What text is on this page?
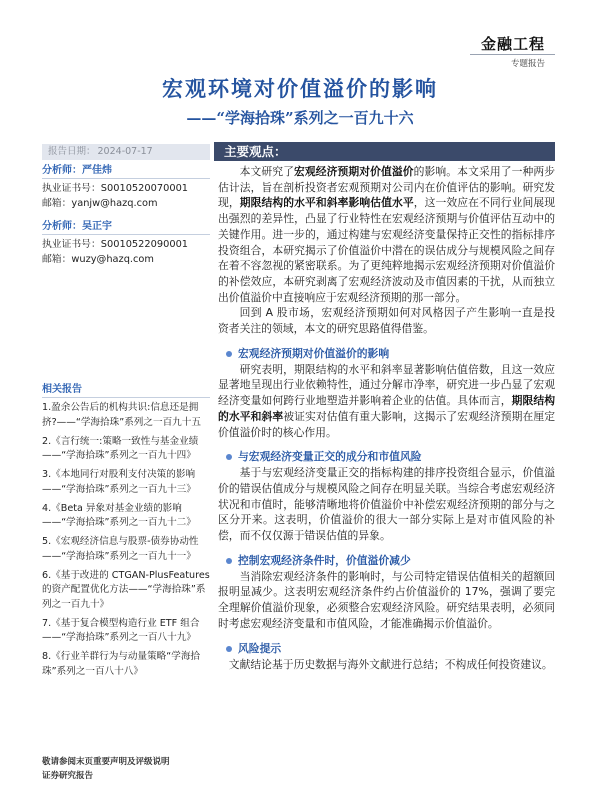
金融工程
专题报告
宏观环境对价值溢价的影响
——“学海拾珠”系列之一百九十六
报告日期： 2024-07-17	主要观点：
分析师：严佳炜
执业证书号：S0010520070001
邮箱：yanjw@hazq.com
分析师：吴正宇
执业证书号：S0010522090001
邮箱：wuzy@hazq.com
相关报告
1.盈余公告后的机构共识:信息还是拥挤?——“学海拾珠”系列之一百九十五
2.《言行统一:策略一致性与基金业绩——“学海拾珠”系列之一百九十四》
3.《本地同行对股利支付决策的影响——“学海拾珠”系列之一百九十三》
4.《Beta 异象对基金业绩的影响——“学海拾珠”系列之一百九十二》
5.《宏观经济信息与股票-债券协动性——“学海拾珠”系列之一百九十一》
6.《基于改进的 CTGAN-PlusFeatures 的资产配置优化方法——“学海拾珠”系列之一百九十》
7.《基于复合模型构造行业 ETF 组合——“学海拾珠”系列之一百八十九》
8.《行业羊群行为与动量策略“学海拾珠”系列之一百八十八》

本文研究了宏观经济预期对价值溢价的影响。本文采用了一种两步估计法，旨在剖析投资者宏观预期对公司内在价值评估的影响。研究发现，期限结构的水平和斜率影响估值水平，这一效应在不同行业间展现出强烈的差异性，凸显了行业特性在宏观经济预期与价值评估互动中的关键作用。进一步的，通过构建与宏观经济变量保持正交性的指标排序投资组合，本研究揭示了价值溢价中潜在的误估成分与规模风险之间存在着不容忽视的紧密联系。为了更纯粹地揭示宏观经济预期对价值溢价的补偿效应，本研究剥离了宏观经济波动及市值因素的干扰，从而独立出价值溢价中直接响应于宏观经济预期的那一部分。

回到 A 股市场，宏观经济预期如何对风格因子产生影响一直是投资者关注的领域，本文的研究思路值得借鉴。

宏观经济预期对价值溢价的影响

研究表明，期限结构的水平和斜率显著影响估值倍数，且这一效应显著地呈现出行业依赖特性，通过分解市净率，研究进一步凸显了宏观经济变量如何跨行业地塑造并影响着企业的估值。具体而言，期限结构的水平和斜率被证实对估值有重大影响，这揭示了宏观经济预期在厘定价值溢价时的核心作用。

与宏观经济变量正交的成分和市值风险

基于与宏观经济变量正交的指标构建的排序投资组合显示，价值溢价的错误估值成分与规模风险之间存在明显关联。当综合考虑宏观经济状况和市值时，能够清晰地将价值溢价中补偿宏观经济预期的部分与之区分开来。这表明，价值溢价的很大一部分实际上是对市值风险的补偿，而不仅仅源于错误估值的异象。

控制宏观经济条件时，价值溢价减少

当消除宏观经济条件的影响时，与公司特定错误估值相关的超额回报明显减少。这表明宏观经济条件约占价值溢价的 17%，强调了要完全理解价值溢价现象，必须整合宏观经济风险。研究结果表明，必须同时考虑宏观经济变量和市值风险，才能准确揭示价值溢价。

风险提示

文献结论基于历史数据与海外文献进行总结；不构成任何投资建议。

敬请参阅末页重要声明及评级说明
证券研究报告
